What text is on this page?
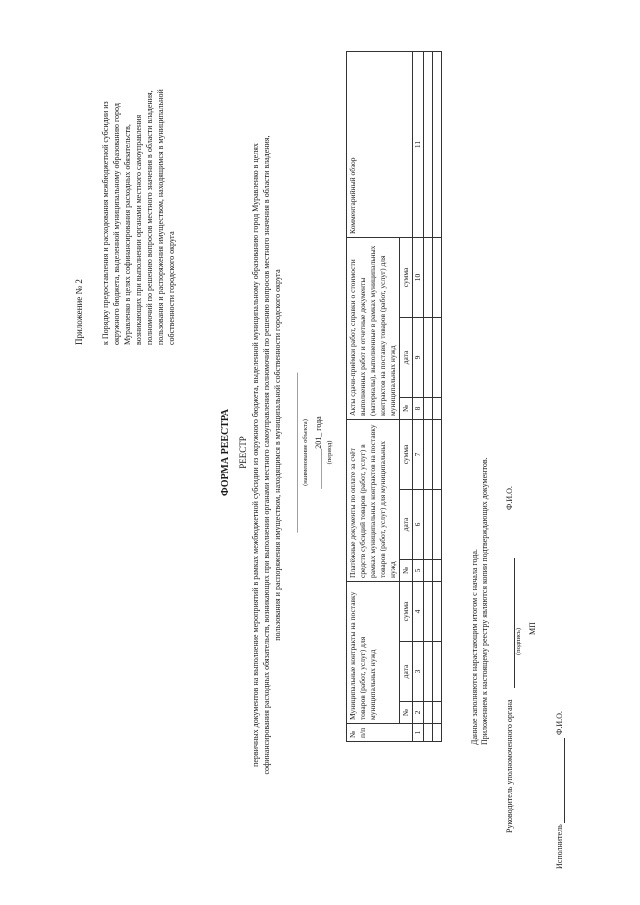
Приложение № 2 к Порядку предоставления и расходования межбюджетной субсидии из окружного бюджета, выделенной муниципальному образованию город Муравленко в целях софинансирования расходных обязательств, возникающих при выполнении органами местного самоуправления полномочий по решению вопросов местного значения в области владения, пользования и распоряжения имуществом, находящимся в муниципальной собственности городского округа
ФОРМА РЕЕСТРА РЕЕСТР первичных документов на выполнение мероприятий в рамках межбюджетной субсидии из окружного бюджета, выделенной муниципальному образованию город Муравленко в целях софинансирования расходных обязательств, возникающих при выполнении органами местного самоуправления полномочий по решению вопросов местного значения в области владения, пользования и распоряжения имуществом, находящимся в муниципальной собственности городского округа ________________________________________ (наименование объекта) __________201_ года (период)
№ п/п	Муниципальные контракты на поставку товаров (работ, услуг) для муниципальных нужд			Платёжные документы по оплате за счёт средств субсидий товаров (работ, услуг) в рамках муниципальных контрактов на поставку товаров (работ, услуг) для муниципальных нужд			Акты сдачи-приёмки работ, справки о стоимости выполненных работ и отчетные документы (материалы), выполненные в рамках муниципальных контрактов на поставку товаров (работ, услуг) для муниципальных нужд			Комментарийный обзор
	№	дата	сумма	№	дата	сумма	№	дата	сумма	
1	2	3	4	5	6	7	8	9	10	11

Данные заполняются нарастающим итогом с начала года. Приложением к настоящему реестру являются копии подтверждающих документов.
Руководитель уполномоченного органа
Ф.И.О.
(подпись) МП
Исполнитель
Ф.И.О.
